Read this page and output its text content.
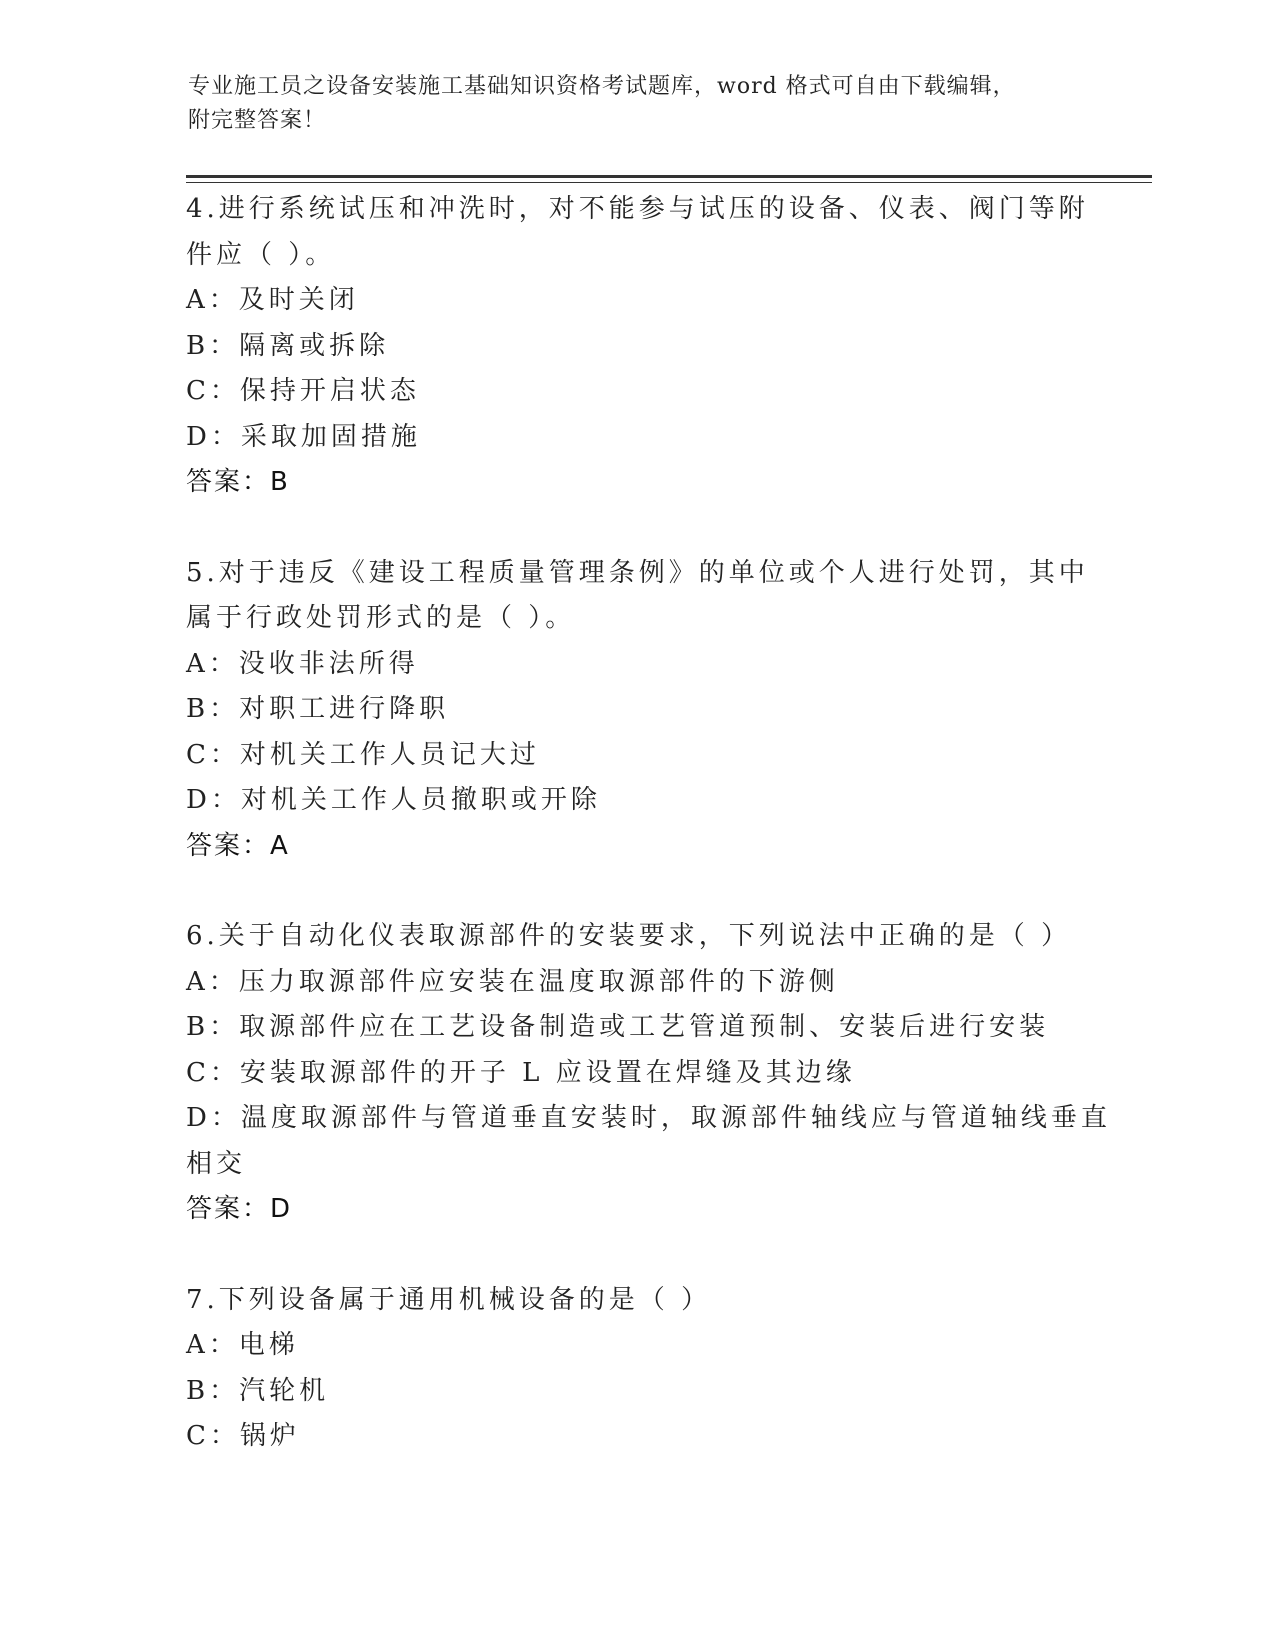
专业施工员之设备安装施工基础知识资格考试题库，word 格式可自由下载编辑，
附完整答案！
4.进行系统试压和冲洗时，对不能参与试压的设备、仪表、阀门等附
件应（ ）。
A：及时关闭
B：隔离或拆除
C：保持开启状态
D：采取加固措施
答案：B
5.对于违反《建设工程质量管理条例》的单位或个人进行处罚，其中
属于行政处罚形式的是（ ）。
A：没收非法所得
B：对职工进行降职
C：对机关工作人员记大过
D：对机关工作人员撤职或开除
答案：A
6.关于自动化仪表取源部件的安装要求，下列说法中正确的是（ ）
A：压力取源部件应安装在温度取源部件的下游侧
B：取源部件应在工艺设备制造或工艺管道预制、安装后进行安装
C：安装取源部件的开子 L 应设置在焊缝及其边缘
D：温度取源部件与管道垂直安装时，取源部件轴线应与管道轴线垂直
相交
答案：D
7.下列设备属于通用机械设备的是（ ）
A：电梯
B：汽轮机
C：锅炉
